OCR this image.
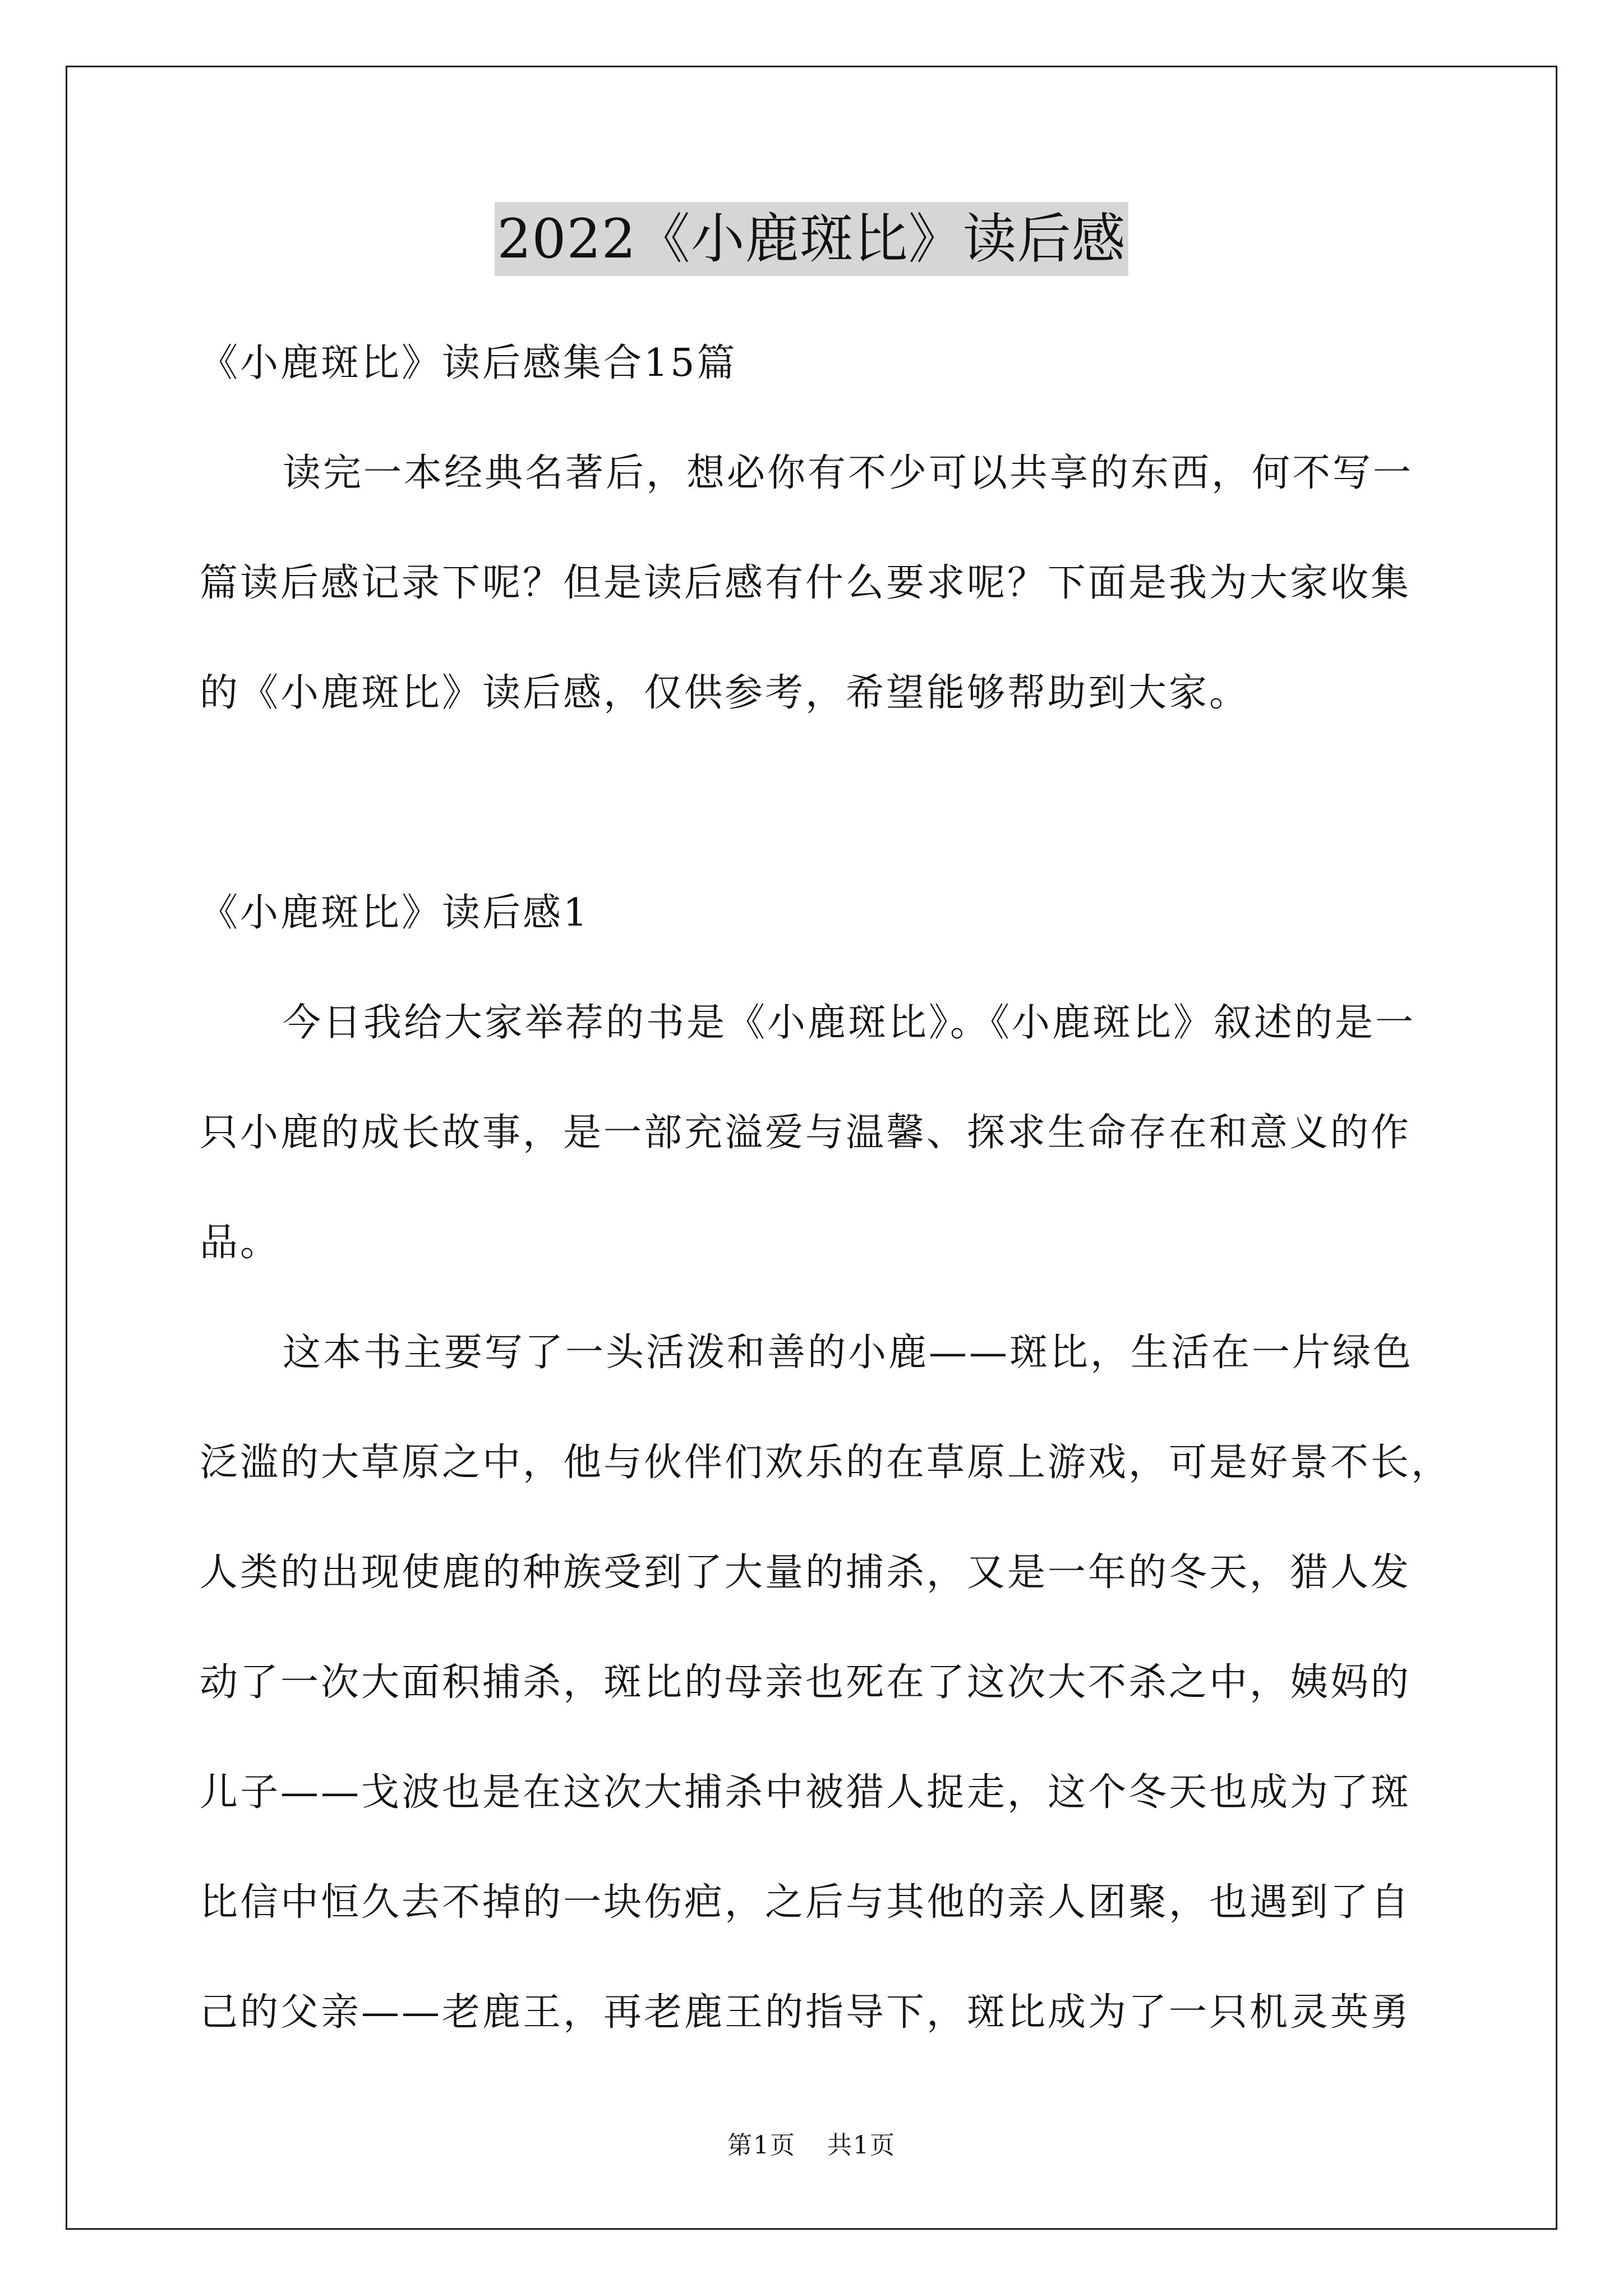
2022《小鹿斑比》读后感
《小鹿斑比》读后感集合15篇
读完一本经典名著后，想必你有不少可以共享的东西，何不写一
篇读后感记录下呢？但是读后感有什么要求呢？下面是我为大家收集
的《小鹿斑比》读后感，仅供参考，希望能够帮助到大家。
《小鹿斑比》读后感1
今日我给大家举荐的书是《小鹿斑比》。《小鹿斑比》叙述的是一
只小鹿的成长故事，是一部充溢爱与温馨、探求生命存在和意义的作
品。
这本书主要写了一头活泼和善的小鹿——斑比，生活在一片绿色
泛滥的大草原之中，他与伙伴们欢乐的在草原上游戏，可是好景不长，
人类的出现使鹿的种族受到了大量的捕杀，又是一年的冬天，猎人发
动了一次大面积捕杀，斑比的母亲也死在了这次大不杀之中，姨妈的
儿子——戈波也是在这次大捕杀中被猎人捉走，这个冬天也成为了斑
比信中恒久去不掉的一块伤疤，之后与其他的亲人团聚，也遇到了自
己的父亲——老鹿王，再老鹿王的指导下，斑比成为了一只机灵英勇
第1页 共1页
